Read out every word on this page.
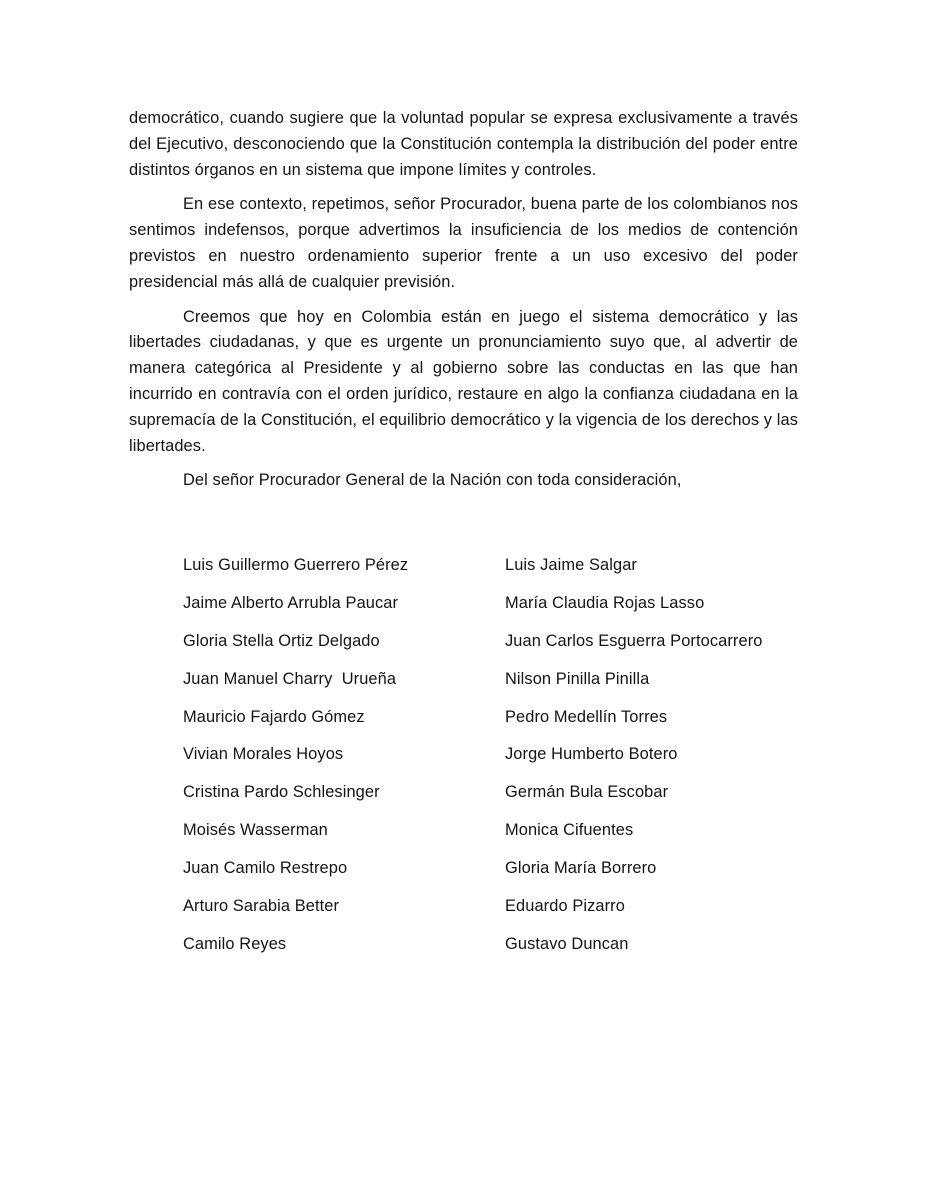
democrático, cuando sugiere que la voluntad popular se expresa exclusivamente a través del Ejecutivo, desconociendo que la Constitución contempla la distribución del poder entre distintos órganos en un sistema que impone límites y controles.

En ese contexto, repetimos, señor Procurador, buena parte de los colombianos nos sentimos indefensos, porque advertimos la insuficiencia de los medios de contención previstos en nuestro ordenamiento superior frente a un uso excesivo del poder presidencial más allá de cualquier previsión.

Creemos que hoy en Colombia están en juego el sistema democrático y las libertades ciudadanas, y que es urgente un pronunciamiento suyo que, al advertir de manera categórica al Presidente y al gobierno sobre las conductas en las que han incurrido en contravía con el orden jurídico, restaure en algo la confianza ciudadana en la supremacía de la Constitución, el equilibrio democrático y la vigencia de los derechos y las libertades.

Del señor Procurador General de la Nación con toda consideración,

Luis Guillermo Guerrero Pérez
Jaime Alberto Arrubla Paucar
Gloria Stella Ortiz Delgado
Juan Manuel Charry  Urueña
Mauricio Fajardo Gómez
Vivian Morales Hoyos
Cristina Pardo Schlesinger
Moisés Wasserman
Juan Camilo Restrepo
Arturo Sarabia Better
Camilo Reyes
Luis Jaime Salgar
María Claudia Rojas Lasso
Juan Carlos Esguerra Portocarrero
Nilson Pinilla Pinilla
Pedro Medellín Torres
Jorge Humberto Botero
Germán Bula Escobar
Monica Cifuentes
Gloria María Borrero
Eduardo Pizarro
Gustavo Duncan
